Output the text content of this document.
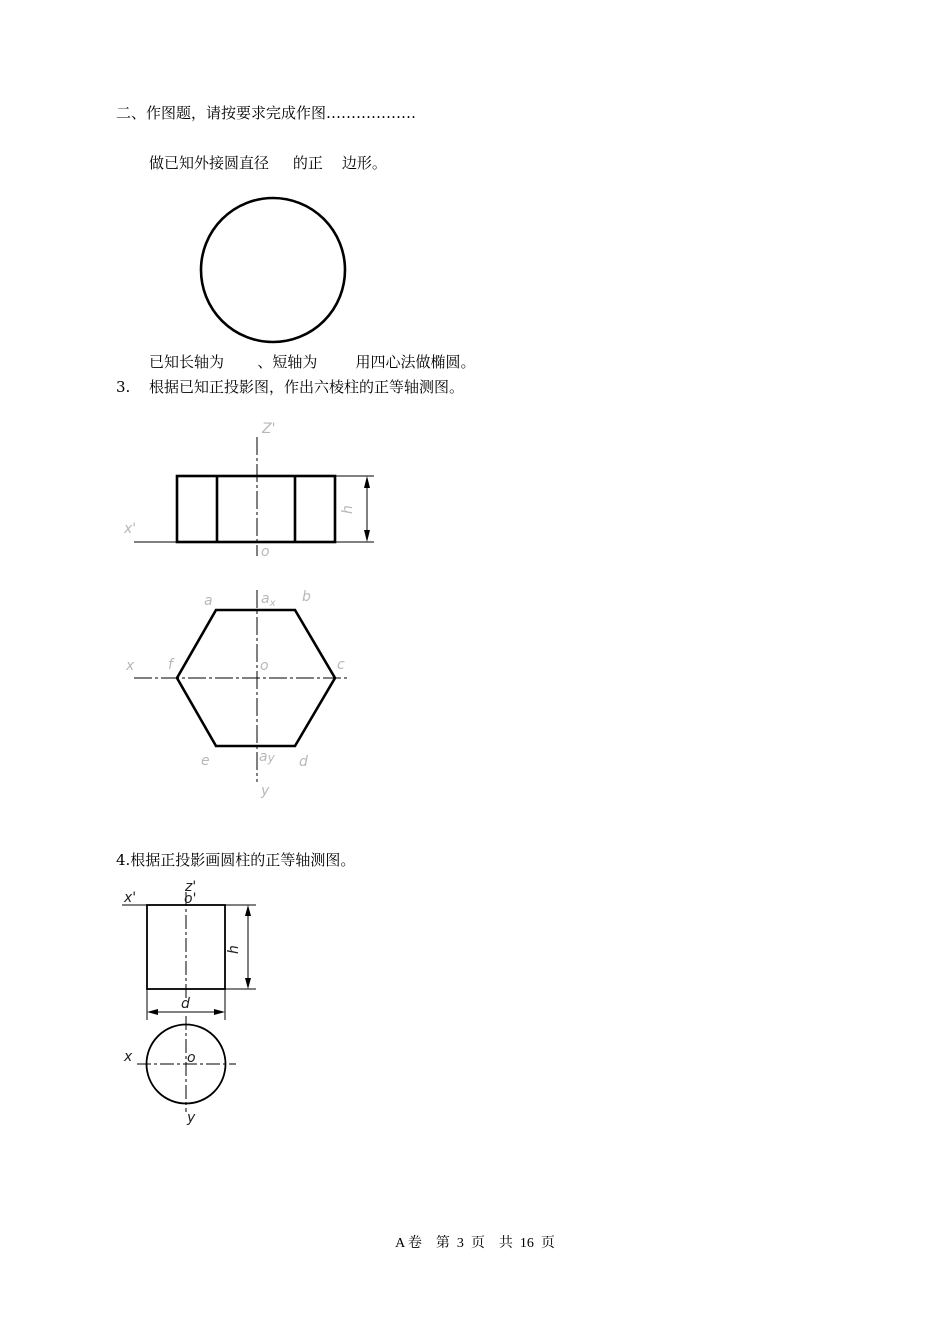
二、作图题，请按要求完成作图………………
做已知外接圆直径     的正    边形。
已知长轴为       、短轴为        用四心法做椭圆。
3. 根据已知正投影图，作出六棱柱的正等轴测图。
Z'
x'
o
h
a	$a_x$ b
x f	o	c
e	ay d
y
4.根据正投影画圆柱的正等轴测图。
x'
z'
o'
h
d
x	o
y
A 卷    第  3  页    共  16  页
